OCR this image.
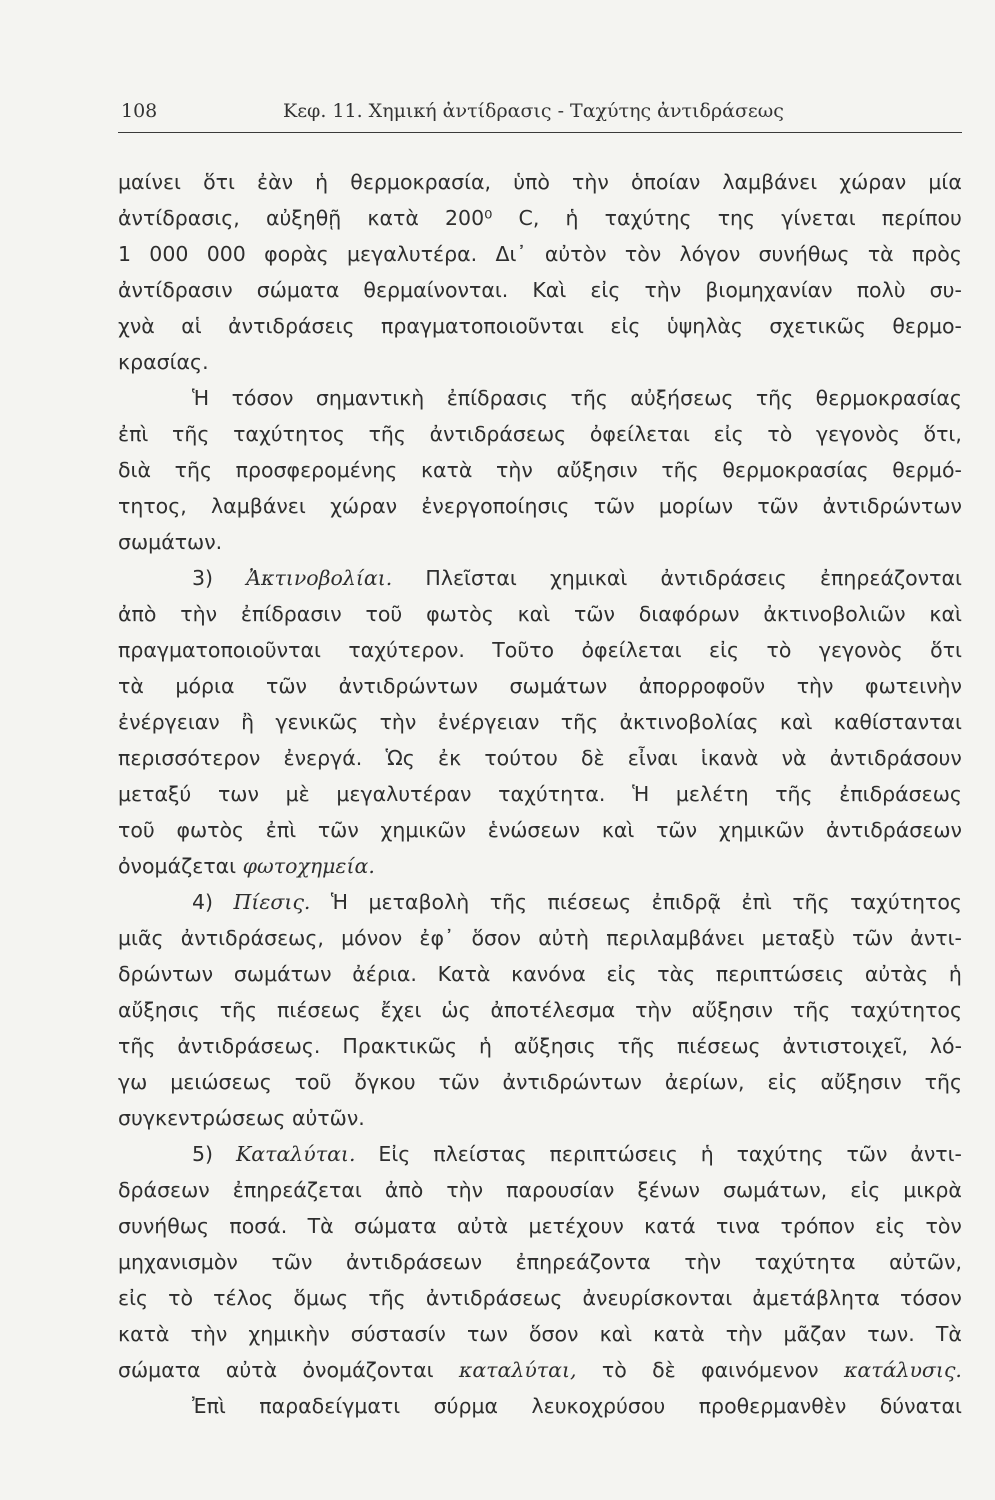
108	Κεφ. 11. Χημική ἀντίδρασις - Ταχύτης ἀντιδράσεως
μαίνει ὅτι ἐὰν ἡ θερμοκρασία, ὑπὸ τὴν ὁποίαν λαμβάνει χώραν μία
ἀντίδρασις, αὐξηθῇ κατὰ 200⁰ C, ἡ ταχύτης της γίνεται περίπου
1 000 000 φορὰς μεγαλυτέρα. Δι᾽ αὐτὸν τὸν λόγον συνήθως τὰ πρὸς
ἀντίδρασιν σώματα θερμαίνονται. Καὶ εἰς τὴν βιομηχανίαν πολὺ συ-
χνὰ αἱ ἀντιδράσεις πραγματοποιοῦνται εἰς ὑψηλὰς σχετικῶς θερμο-
κρασίας.
Ἡ τόσον σημαντικὴ ἐπίδρασις τῆς αὐξήσεως τῆς θερμοκρασίας
ἐπὶ τῆς ταχύτητος τῆς ἀντιδράσεως ὀφείλεται εἰς τὸ γεγονὸς ὅτι,
διὰ τῆς προσφερομένης κατὰ τὴν αὔξησιν τῆς θερμοκρασίας θερμό-
τητος, λαμβάνει χώραν ἐνεργοποίησις τῶν μορίων τῶν ἀντιδρώντων
σωμάτων.
3) Ἀκτινοβολίαι. Πλεῖσται χημικαὶ ἀντιδράσεις ἐπηρεάζονται
ἀπὸ τὴν ἐπίδρασιν τοῦ φωτὸς καὶ τῶν διαφόρων ἀκτινοβολιῶν καὶ
πραγματοποιοῦνται ταχύτερον. Τοῦτο ὀφείλεται εἰς τὸ γεγονὸς ὅτι
τὰ μόρια τῶν ἀντιδρώντων σωμάτων ἀπορροφοῦν τὴν φωτεινὴν
ἐνέργειαν ἢ γενικῶς τὴν ἐνέργειαν τῆς ἀκτινοβολίας καὶ καθίστανται
περισσότερον ἐνεργά. Ὡς ἐκ τούτου δὲ εἶναι ἱκανὰ νὰ ἀντιδράσουν
μεταξύ των μὲ μεγαλυτέραν ταχύτητα. Ἡ μελέτη τῆς ἐπιδράσεως
τοῦ φωτὸς ἐπὶ τῶν χημικῶν ἑνώσεων καὶ τῶν χημικῶν ἀντιδράσεων
ὀνομάζεται φωτοχημεία.
4) Πίεσις. Ἡ μεταβολὴ τῆς πιέσεως ἐπιδρᾷ ἐπὶ τῆς ταχύτητος
μιᾶς ἀντιδράσεως, μόνον ἐφ᾽ ὅσον αὐτὴ περιλαμβάνει μεταξὺ τῶν ἀντι-
δρώντων σωμάτων ἀέρια. Κατὰ κανόνα εἰς τὰς περιπτώσεις αὐτὰς ἡ
αὔξησις τῆς πιέσεως ἔχει ὡς ἀποτέλεσμα τὴν αὔξησιν τῆς ταχύτητος
τῆς ἀντιδράσεως. Πρακτικῶς ἡ αὔξησις τῆς πιέσεως ἀντιστοιχεῖ, λό-
γω μειώσεως τοῦ ὄγκου τῶν ἀντιδρώντων ἀερίων, εἰς αὔξησιν τῆς
συγκεντρώσεως αὐτῶν.
5) Καταλύται. Εἰς πλείστας περιπτώσεις ἡ ταχύτης τῶν ἀντι-
δράσεων ἐπηρεάζεται ἀπὸ τὴν παρουσίαν ξένων σωμάτων, εἰς μικρὰ
συνήθως ποσά. Τὰ σώματα αὐτὰ μετέχουν κατά τινα τρόπον εἰς τὸν
μηχανισμὸν τῶν ἀντιδράσεων ἐπηρεάζοντα τὴν ταχύτητα αὐτῶν,
εἰς τὸ τέλος ὅμως τῆς ἀντιδράσεως ἀνευρίσκονται ἀμετάβλητα τόσον
κατὰ τὴν χημικὴν σύστασίν των ὅσον καὶ κατὰ τὴν μᾶζαν των. Τὰ
σώματα αὐτὰ ὀνομάζονται καταλύται, τὸ δὲ φαινόμενον κατάλυσις.
Ἐπὶ παραδείγματι σύρμα λευκοχρύσου προθερμανθὲν δύναται
